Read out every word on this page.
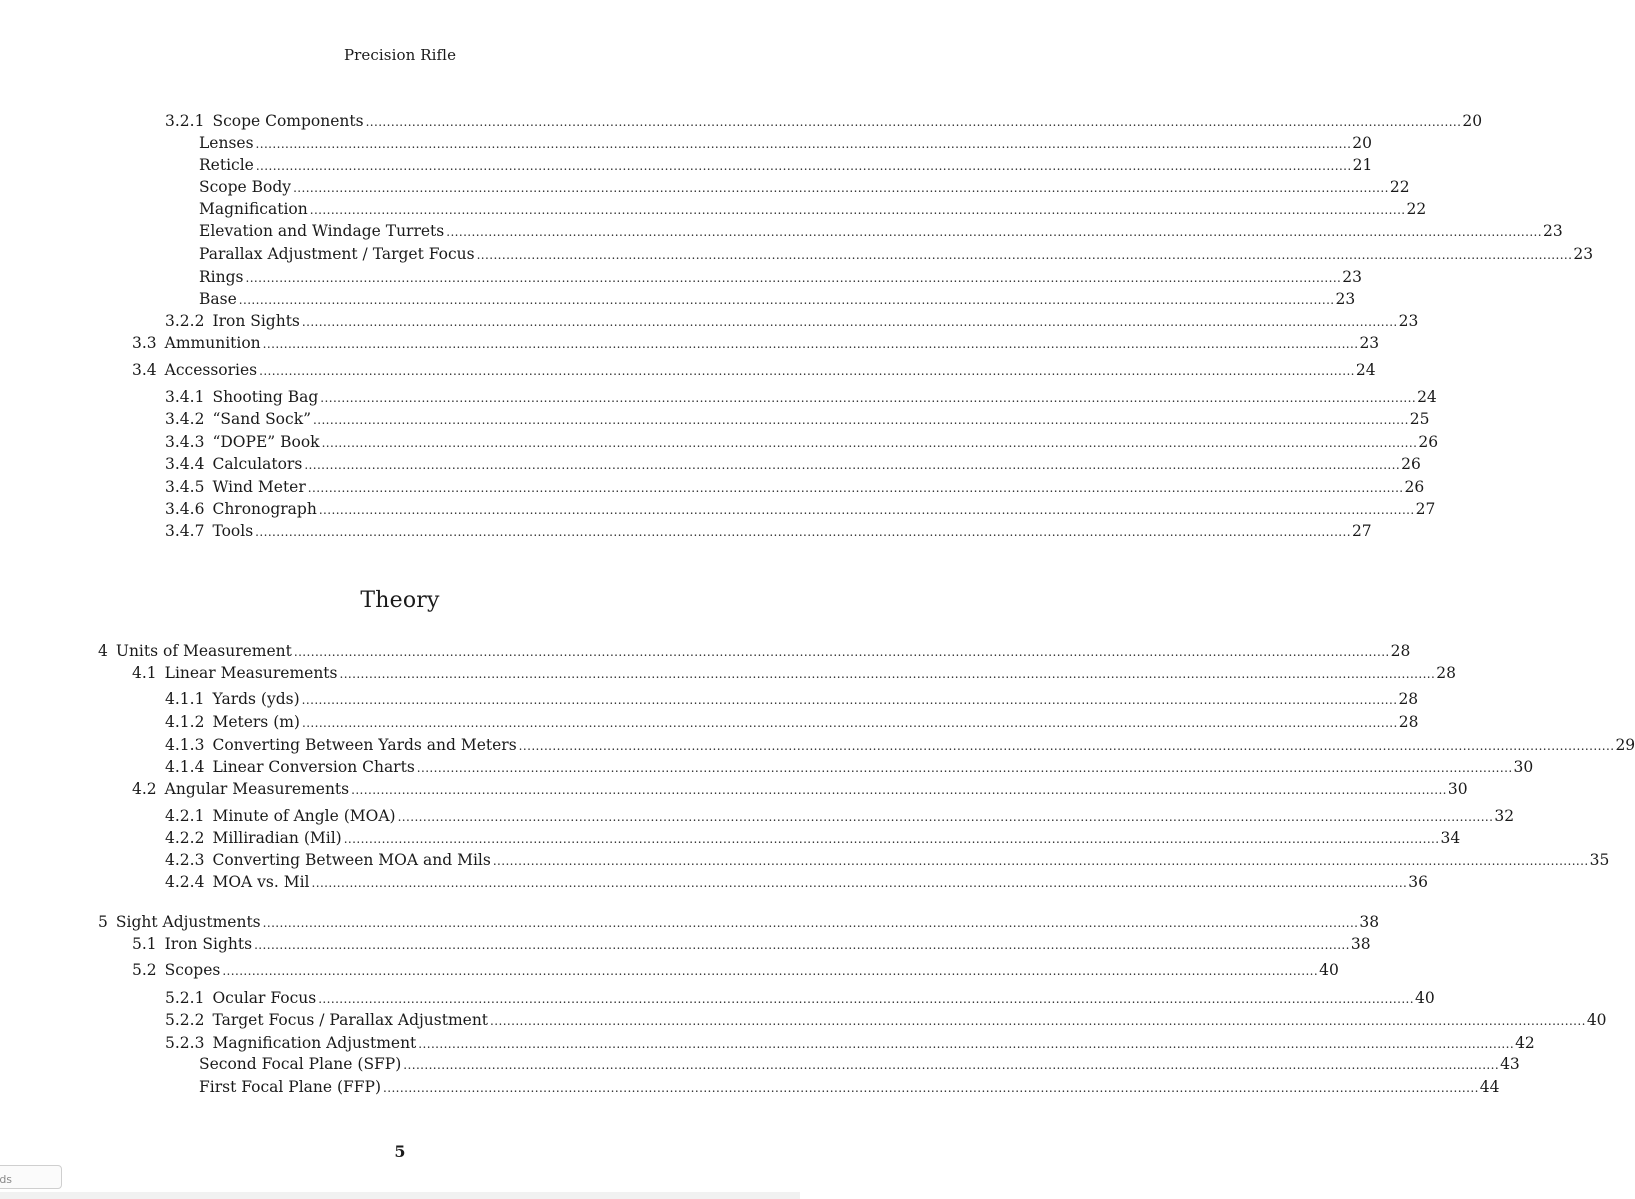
Precision Rifle
3.2.1 Scope Components .................................................................................................................................................................................................................................................................... 20
Lenses .................................................................................................................................................................................................................................................................... 20
Reticle .................................................................................................................................................................................................................................................................... 21
Scope Body .................................................................................................................................................................................................................................................................... 22
Magnification .................................................................................................................................................................................................................................................................... 22
Elevation and Windage Turrets .................................................................................................................................................................................................................................................................... 23
Parallax Adjustment / Target Focus .................................................................................................................................................................................................................................................................... 23
Rings .................................................................................................................................................................................................................................................................... 23
Base .................................................................................................................................................................................................................................................................... 23
3.2.2 Iron Sights .................................................................................................................................................................................................................................................................... 23
3.3 Ammunition .................................................................................................................................................................................................................................................................... 23
3.4 Accessories .................................................................................................................................................................................................................................................................... 24
3.4.1 Shooting Bag .................................................................................................................................................................................................................................................................... 24
3.4.2 “Sand Sock” .................................................................................................................................................................................................................................................................... 25
3.4.3 “DOPE” Book .................................................................................................................................................................................................................................................................... 26
3.4.4 Calculators .................................................................................................................................................................................................................................................................... 26
3.4.5 Wind Meter .................................................................................................................................................................................................................................................................... 26
3.4.6 Chronograph .................................................................................................................................................................................................................................................................... 27
3.4.7 Tools .................................................................................................................................................................................................................................................................... 27
4 Units of Measurement .................................................................................................................................................................................................................................................................... 28
4.1 Linear Measurements .................................................................................................................................................................................................................................................................... 28
4.1.1 Yards (yds) .................................................................................................................................................................................................................................................................... 28
4.1.2 Meters (m) .................................................................................................................................................................................................................................................................... 28
4.1.3 Converting Between Yards and Meters .................................................................................................................................................................................................................................................................... 29
4.1.4 Linear Conversion Charts .................................................................................................................................................................................................................................................................... 30
4.2 Angular Measurements .................................................................................................................................................................................................................................................................... 30
4.2.1 Minute of Angle (MOA) .................................................................................................................................................................................................................................................................... 32
4.2.2 Milliradian (Mil) .................................................................................................................................................................................................................................................................... 34
4.2.3 Converting Between MOA and Mils .................................................................................................................................................................................................................................................................... 35
4.2.4 MOA vs. Mil .................................................................................................................................................................................................................................................................... 36
5 Sight Adjustments .................................................................................................................................................................................................................................................................... 38
5.1 Iron Sights .................................................................................................................................................................................................................................................................... 38
5.2 Scopes .................................................................................................................................................................................................................................................................... 40
5.2.1 Ocular Focus .................................................................................................................................................................................................................................................................... 40
5.2.2 Target Focus / Parallax Adjustment .................................................................................................................................................................................................................................................................... 40
5.2.3 Magnification Adjustment .................................................................................................................................................................................................................................................................... 42
Second Focal Plane (SFP) .................................................................................................................................................................................................................................................................... 43
First Focal Plane (FFP) .................................................................................................................................................................................................................................................................... 44
Theory
5
rds
